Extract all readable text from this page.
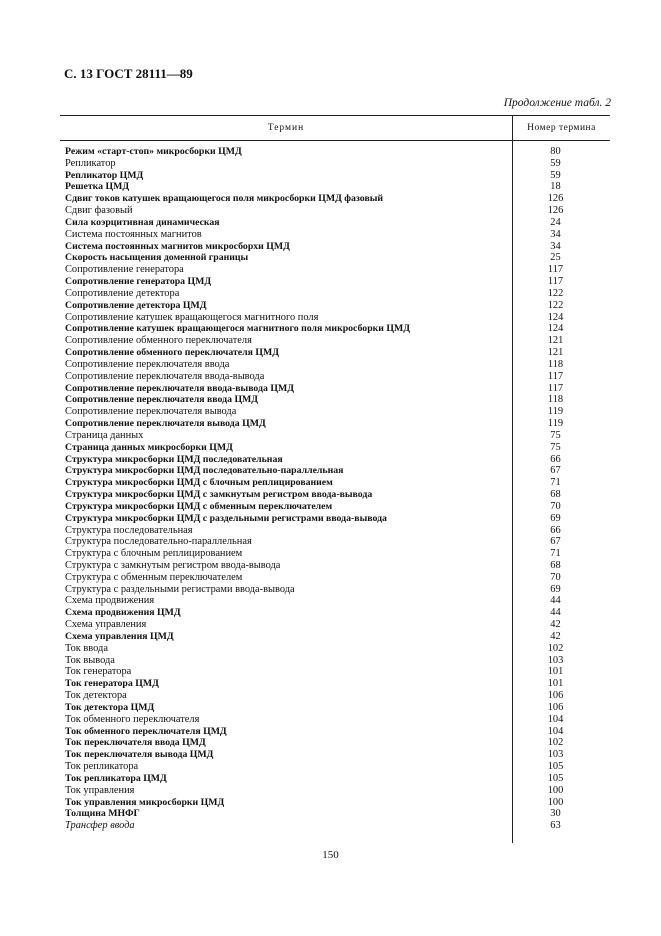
С. 13 ГОСТ 28111—89
Продолжение табл. 2
Термин	Номер термина
Режим «старт-стоп» микросборки ЦМД	80
Репликатор	59
Репликатор ЦМД	59
Решетка ЦМД	18
Сдвиг токов катушек вращающегося поля микросборки ЦМД фазовый	126
Сдвиг фазовый	126
Сила коэрцитивная динамическая	24
Система постоянных магнитов	34
Система постоянных магнитов микросборхи ЦМД	34
Скорость насыщения доменной границы	25
Сопротивление генератора	117
Сопротивление генератора ЦМД	117
Сопротивление детектора	122
Сопротивление детектора ЦМД	122
Сопротивление катушек вращающегося магнитного поля	124
Сопротивление катушек вращающегося магнитного поля микросборки ЦМД	124
Сопротивление обменного переключателя	121
Сопротивление обменного переключателя ЦМД	121
Сопротивление переключателя ввода	118
Сопротивление переключателя ввода-вывода	117
Сопротивление переключателя ввода-вывода ЦМД	117
Сопротивление переключателя ввода ЦМД	118
Сопротивление переключателя вывода	119
Сопротивление переключателя вывода ЦМД	119
Страница данных	75
Страница данных микросборки ЦМД	75
Структура микросборки ЦМД последовательная	66
Структура микросборки ЦМД последовательно-параллельная	67
Структура микросборки ЦМД с блочным реплицированием	71
Структура микросборки ЦМД с замкнутым регистром ввода-вывода	68
Структура микросборки ЦМД с обменным переключателем	70
Структура микросборки ЦМД с раздельными регистрами ввода-вывода	69
Структура последовательная	66
Структура последовательно-параллельная	67
Структура с блочным реплицированием	71
Структура с замкнутым регистром ввода-вывода	68
Структура с обменным переключателем	70
Структура с раздельными регистрами ввода-вывода	69
Схема продвижения	44
Схема продвижения ЦМД	44
Схема управления	42
Схема управления ЦМД	42
Ток ввода	102
Ток вывода	103
Ток генератора	101
Ток генератора ЦМД	101
Ток детектора	106
Ток детектора ЦМД	106
Ток обменного переключателя	104
Ток обменного переключателя ЦМД	104
Ток переключателя ввода ЦМД	102
Ток переключателя вывода ЦМД	103
Ток репликатора	105
Ток репликатора ЦМД	105
Ток управления	100
Ток управления микросборки ЦМД	100
Толщина МНФГ	30
Трансфер ввода	63
150
